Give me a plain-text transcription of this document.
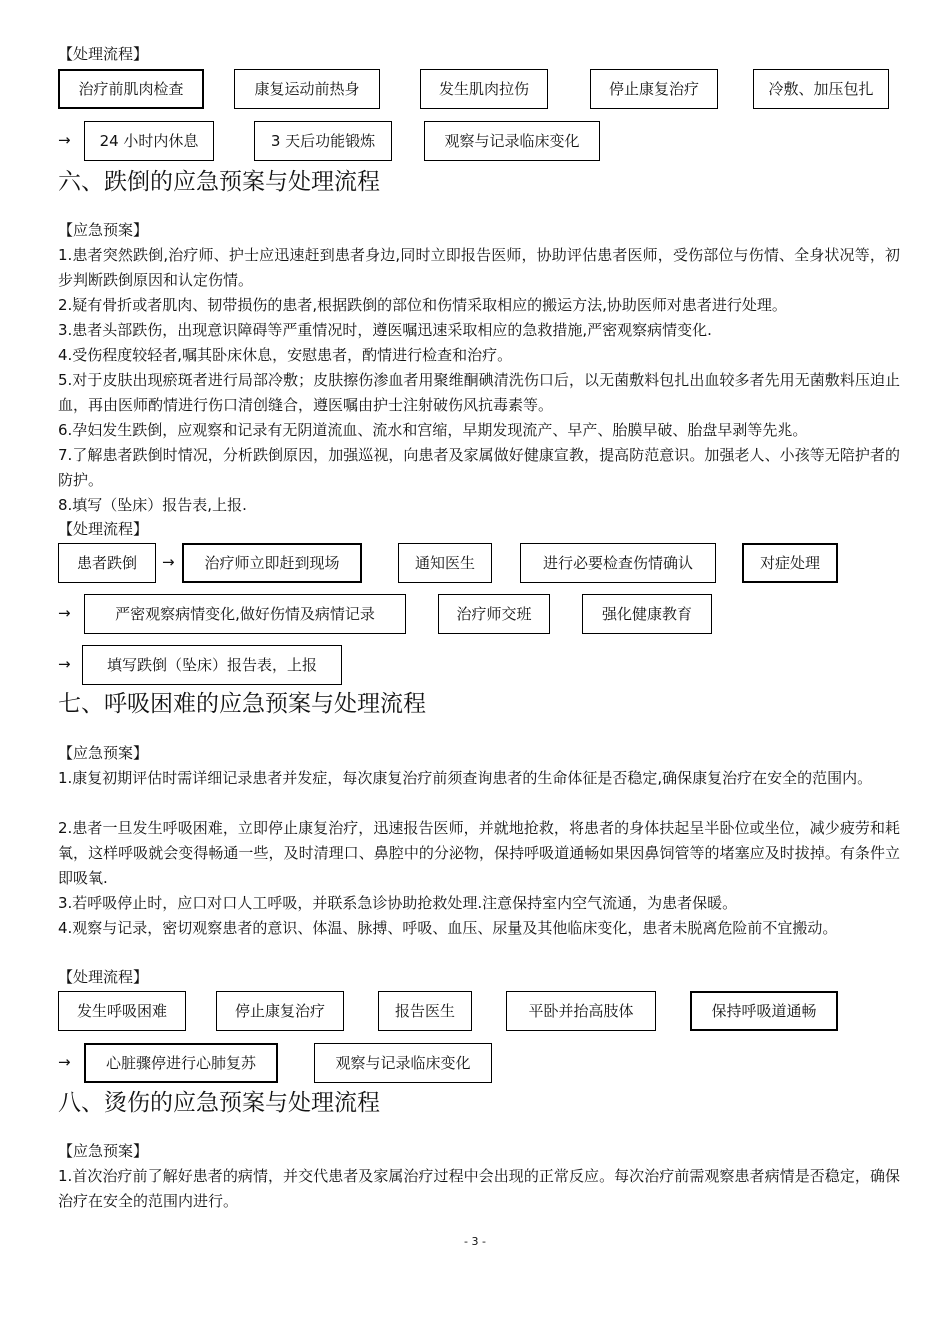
【处理流程】
治疗前肌肉检查	康复运动前热身	发生肌肉拉伤	停止康复治疗	冷敷、加压包扎
→	24 小时内休息	3 天后功能锻炼	观察与记录临床变化
六、跌倒的应急预案与处理流程
【应急预案】
1.患者突然跌倒,治疗师、护士应迅速赶到患者身边,同时立即报告医师，协助评估患者医师，受伤部位与伤情、全身状况等，初步判断跌倒原因和认定伤情。
2.疑有骨折或者肌肉、韧带损伤的患者,根据跌倒的部位和伤情采取相应的搬运方法,协助医师对患者进行处理。
3.患者头部跌伤，出现意识障碍等严重情况时，遵医嘱迅速采取相应的急救措施,严密观察病情变化.
4.受伤程度较轻者,嘱其卧床休息，安慰患者，酌情进行检查和治疗。
5.对于皮肤出现瘀斑者进行局部冷敷；皮肤擦伤渗血者用聚维酮碘清洗伤口后，以无菌敷料包扎出血较多者先用无菌敷料压迫止血，再由医师酌情进行伤口清创缝合，遵医嘱由护士注射破伤风抗毒素等。
6.孕妇发生跌倒，应观察和记录有无阴道流血、流水和宫缩，早期发现流产、早产、胎膜早破、胎盘早剥等先兆。
7.了解患者跌倒时情况，分析跌倒原因，加强巡视，向患者及家属做好健康宣教，提高防范意识。加强老人、小孩等无陪护者的防护。
8.填写（坠床）报告表,上报.
【处理流程】
患者跌倒	→	治疗师立即赶到现场	通知医生	进行必要检查伤情确认	对症处理
→	严密观察病情变化,做好伤情及病情记录	治疗师交班	强化健康教育
→	填写跌倒（坠床）报告表，上报
七、呼吸困难的应急预案与处理流程
【应急预案】
1.康复初期评估时需详细记录患者并发症，每次康复治疗前须查询患者的生命体征是否稳定,确保康复治疗在安全的范围内。
2.患者一旦发生呼吸困难，立即停止康复治疗，迅速报告医师，并就地抢救，将患者的身体扶起呈半卧位或坐位，减少疲劳和耗氧，这样呼吸就会变得畅通一些，及时清理口、鼻腔中的分泌物，保持呼吸道通畅如果因鼻饲管等的堵塞应及时拔掉。有条件立即吸氧.
3.若呼吸停止时，应口对口人工呼吸，并联系急诊协助抢救处理.注意保持室内空气流通，为患者保暖。
4.观察与记录，密切观察患者的意识、体温、脉搏、呼吸、血压、尿量及其他临床变化，患者未脱离危险前不宜搬动。
【处理流程】
发生呼吸困难	停止康复治疗	报告医生	平卧并抬高肢体	保持呼吸道通畅
→	心脏骤停进行心肺复苏	观察与记录临床变化
八、烫伤的应急预案与处理流程
【应急预案】
1.首次治疗前了解好患者的病情，并交代患者及家属治疗过程中会出现的正常反应。每次治疗前需观察患者病情是否稳定，确保治疗在安全的范围内进行。
- 3 -
